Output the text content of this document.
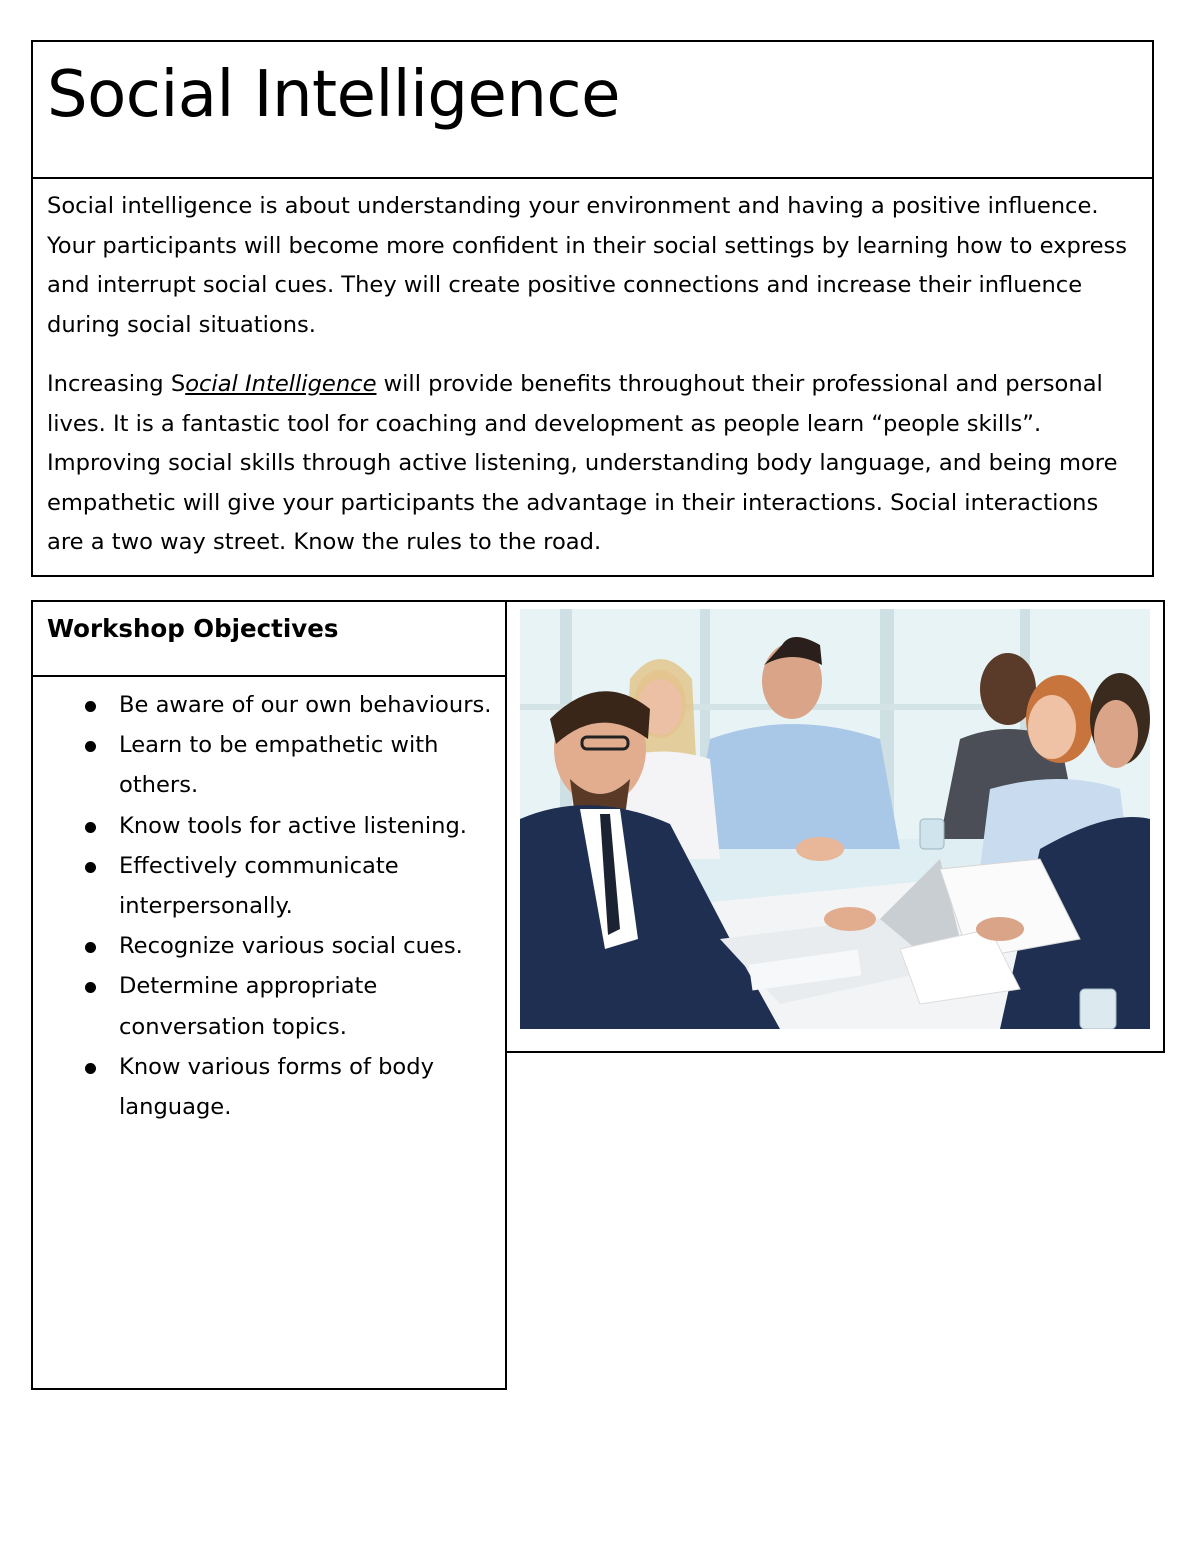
Social Intelligence

Social intelligence is about understanding your environment and having a positive influence. Your participants will become more confident in their social settings by learning how to express and interrupt social cues. They will create positive connections and increase their influence during social situations.

Increasing Social Intelligence will provide benefits throughout their professional and personal lives. It is a fantastic tool for coaching and development as people learn “people skills”. Improving social skills through active listening, understanding body language, and being more empathetic will give your participants the advantage in their interactions. Social interactions are a two way street. Know the rules to the road.

Workshop Objectives
Be aware of our own behaviours.
Learn to be empathetic with others.
Know tools for active listening.
Effectively communicate interpersonally.
Recognize various social cues.
Determine appropriate conversation topics.
Know various forms of body language.
